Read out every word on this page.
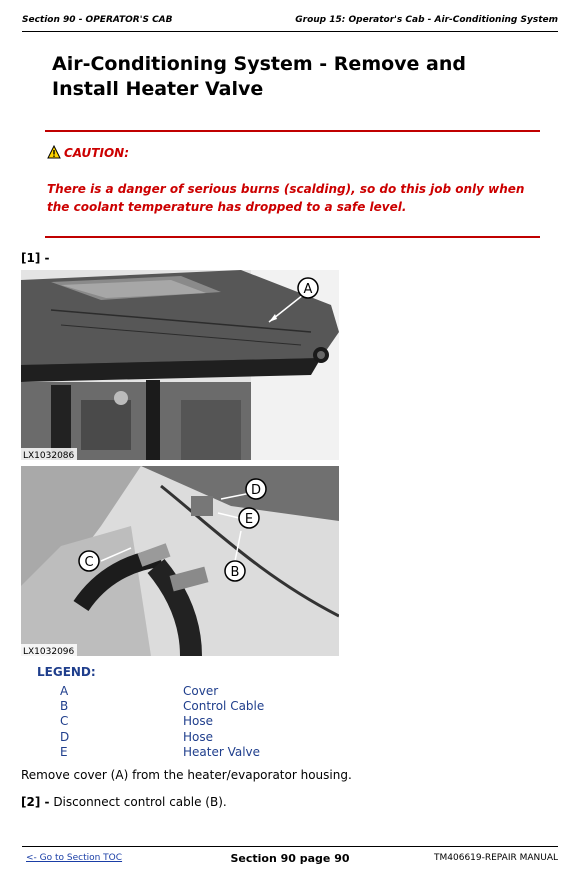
Section 90 - OPERATOR'S CAB	Group 15: Operator's Cab - Air-Conditioning System
Air-Conditioning System - Remove and Install Heater Valve
CAUTION:
There is a danger of serious burns (scalding), so do this job only when the coolant temperature has dropped to a safe level.
[1] -
A
LX1032086
D
E
C
B
LX1032096
LEGEND:
A	Cover
B	Control Cable
C	Hose
D	Hose
E	Heater Valve
Remove cover (A) from the heater/evaporator housing.
[2] - Disconnect control cable (B).
<- Go to Section TOC	Section 90 page 90	TM406619-REPAIR MANUAL
